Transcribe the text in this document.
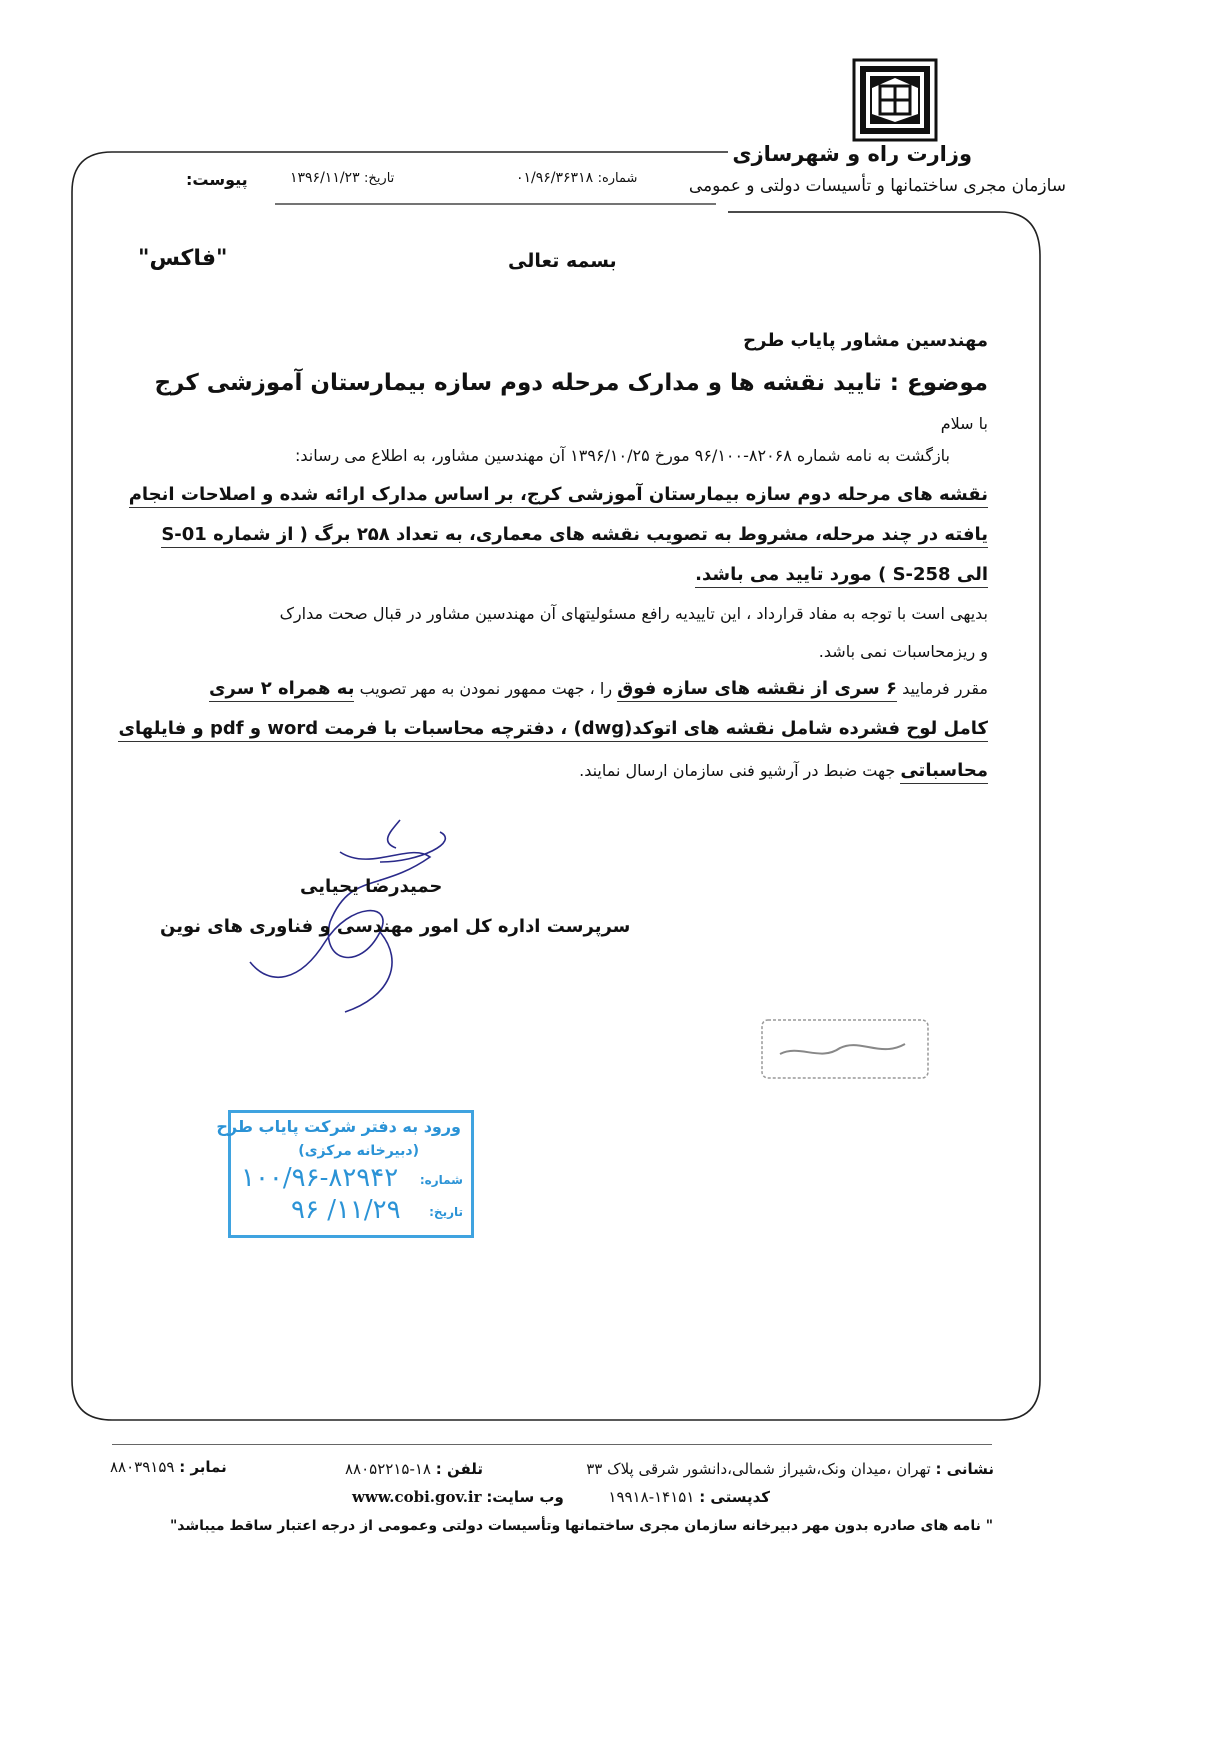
وزارت راه و شهرسازی
سازمان مجری ساختمانها و تأسیسات دولتی و عمومی
شماره: ۰۱/۹۶/۳۶۳۱۸
تاریخ: ۱۳۹۶/۱۱/۲۳
پیوست:
"فاکس"	بسمه تعالی
مهندسین مشاور پایاب طرح
موضوع : تایید نقشه ها و مدارک مرحله دوم سازه بیمارستان آموزشی کرج
با سلام
بازگشت به نامه شماره ۸۲۰۶۸-۹۶/۱۰۰ مورخ ۱۳۹۶/۱۰/۲۵ آن مهندسین مشاور، به اطلاع می رساند:
نقشه های مرحله دوم سازه بیمارستان آموزشی کرج، بر اساس مدارک ارائه شده و اصلاحات انجام
یافته در چند مرحله، مشروط به تصویب نقشه های معماری، به تعداد ۲۵۸ برگ ( از شماره S-01
الی S-258 ) مورد تایید می باشد.
بدیهی است با توجه به مفاد قرارداد ، این تاییدیه رافع مسئولیتهای آن مهندسین مشاور در قبال صحت مدارک
و ریزمحاسبات نمی باشد.
مقرر فرمایید ۶ سری از نقشه های سازه فوق را ، جهت ممهور نمودن به مهر تصویب به همراه ۲ سری
کامل لوح فشرده شامل نقشه های اتوکد(dwg) ، دفترچه محاسبات با فرمت word و pdf و فایلهای
محاسباتی جهت ضبط در آرشیو فنی سازمان ارسال نمایند.
حمیدرضا یحیایی
سرپرست اداره کل امور مهندسی و فناوری های نوین
ورود به دفتر شرکت پایاب طرح
(دبیرخانه مرکزی)
شماره:
۱۰۰/۹۶-۸۲۹۴۲
تاریخ:
۹۶ /۱۱/۲۹
نشانی : تهران ،میدان ونک،شیراز شمالی،دانشور شرقی پلاک ۳۳
تلفن : ۱۸-۸۸۰۵۲۲۱۵
نمابر : ۸۸۰۳۹۱۵۹
کدپستی : ۱۴۱۵۱-۱۹۹۱۸
وب سایت: www.cobi.gov.ir
" نامه های صادره بدون مهر دبیرخانه سازمان مجری ساختمانها وتأسیسات دولتی وعمومی از درجه اعتبار ساقط میباشد"
